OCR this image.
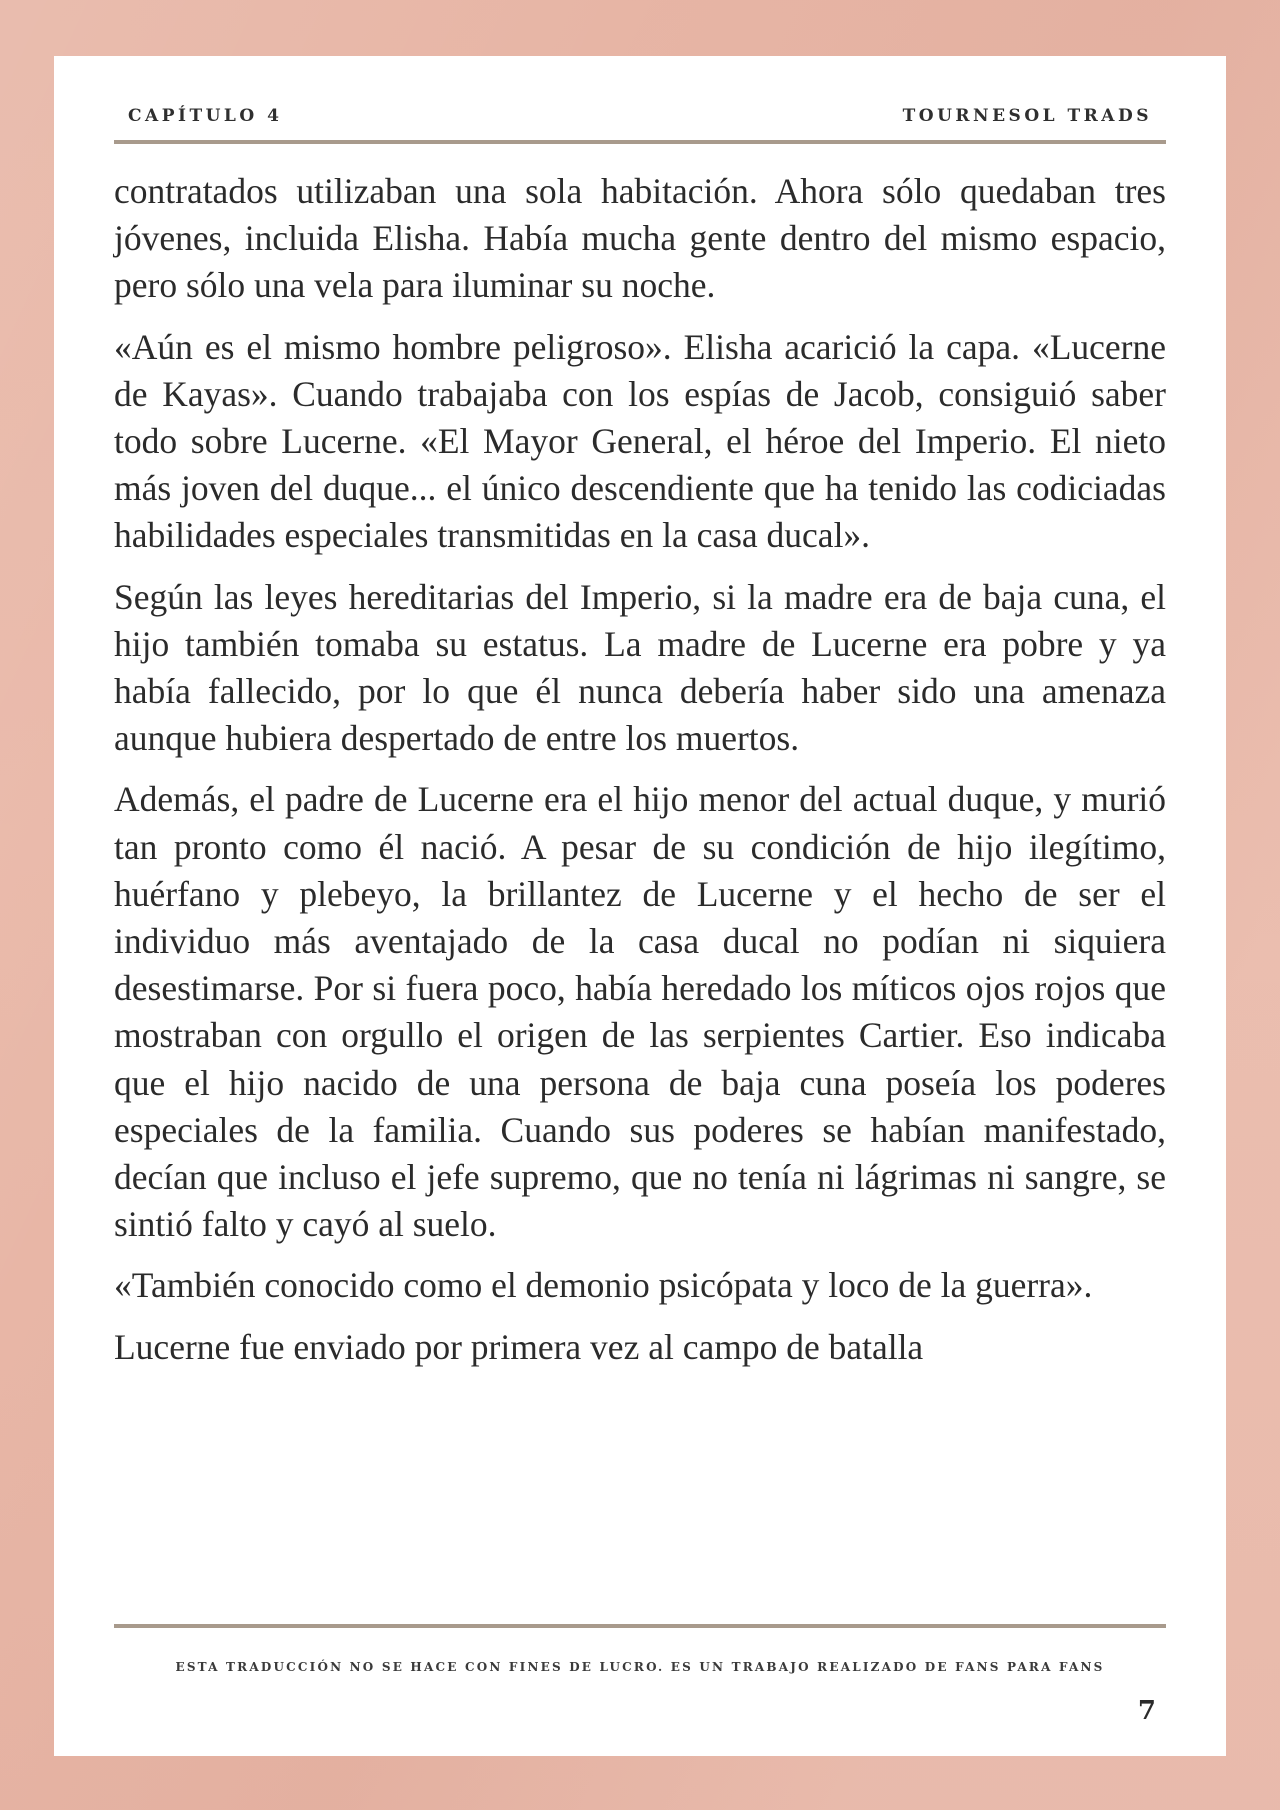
CAPÍTULO 4	TOURNESOL TRADS

contratados utilizaban una sola habitación. Ahora sólo quedaban tres jóvenes, incluida Elisha. Había mucha gente dentro del mismo espacio, pero sólo una vela para iluminar su noche.

«Aún es el mismo hombre peligroso». Elisha acarició la capa. «Lucerne de Kayas». Cuando trabajaba con los espías de Jacob, consiguió saber todo sobre Lucerne. «El Mayor General, el héroe del Imperio. El nieto más joven del duque... el único descendiente que ha tenido las codiciadas habilidades especiales transmitidas en la casa ducal».

Según las leyes hereditarias del Imperio, si la madre era de baja cuna, el hijo también tomaba su estatus. La madre de Lucerne era pobre y ya había fallecido, por lo que él nunca debería haber sido una amenaza aunque hubiera despertado de entre los muertos.

Además, el padre de Lucerne era el hijo menor del actual duque, y murió tan pronto como él nació. A pesar de su condición de hijo ilegítimo, huérfano y plebeyo, la brillantez de Lucerne y el hecho de ser el individuo más aventajado de la casa ducal no podían ni siquiera desestimarse. Por si fuera poco, había heredado los míticos ojos rojos que mostraban con orgullo el origen de las serpientes Cartier. Eso indicaba que el hijo nacido de una persona de baja cuna poseía los poderes especiales de la familia. Cuando sus poderes se habían manifestado, decían que incluso el jefe supremo, que no tenía ni lágrimas ni sangre, se sintió falto y cayó al suelo.

«También conocido como el demonio psicópata y loco de la guerra».

Lucerne fue enviado por primera vez al campo de batalla

ESTA TRADUCCIÓN NO SE HACE CON FINES DE LUCRO. ES UN TRABAJO REALIZADO DE FANS PARA FANS
7
